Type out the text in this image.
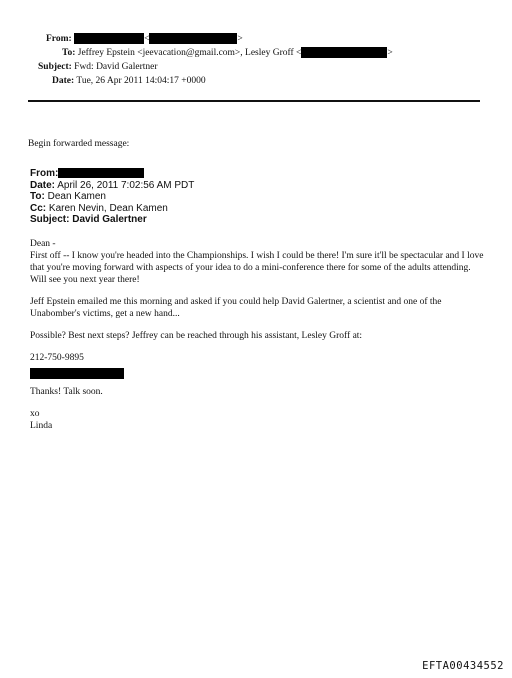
From:	<	>
To: Jeffrey Epstein <jeevacation@gmail.com>, Lesley Groff <	>
Subject: Fwd: David Galertner
Date: Tue, 26 Apr 2011 14:04:17 +0000
Begin forwarded message:
From:
Date: April 26, 2011 7:02:56 AM PDT
To: Dean Kamen
Cc: Karen Nevin, Dean Kamen
Subject: David Galertner

Dean -

First off -- I know you're headed into the Championships. I wish I could be there! I'm sure it'll be spectacular and I love that you're moving forward with aspects of your idea to do a mini-conference there for some of the adults attending. Will see you next year there!

Jeff Epstein emailed me this morning and asked if you could help David Galertner, a scientist and one of the Unabomber's victims, get a new hand...
Possible? Best next steps? Jeffrey can be reached through his assistant, Lesley Groff at:
212-750-9895
Thanks! Talk soon.
xo
Linda
EFTA00434552
